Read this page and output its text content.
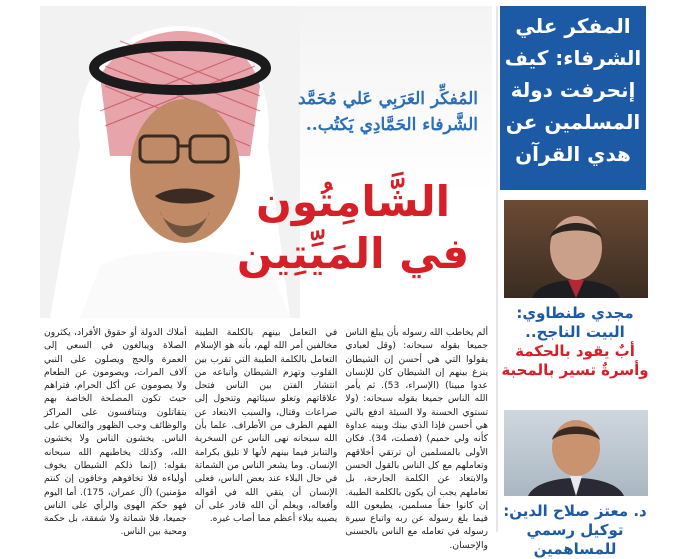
المُفكِّر العَرَبِي عَلي مُحَمَّد
الشَّرفاء الحَمَّادِي يَكتُب..
الشَّامِتُون
في المَيِّتِين
ألم يخاطب الله رسوله بأن يبلغ الناس جميعا بقوله سبحانه: (وقل لعبادي يقولوا التي هي أحسن إن الشيطان ينزغ بينهم إن الشيطان كان للإنسان عدوا مبينا) (الإسراء، 53). ثم يأمر الله الناس جميعا بقوله سبحانه: (ولا تستوي الحسنة ولا السيئة ادفع بالتي هي أحسن فإذا الذي بينك وبينه عداوة كأنه ولي حميم) (فصلت، 34). فكان الأولى بالمسلمين أن ترتقي أخلاقهم وتعاملهم مع كل الناس بالقول الحسن والابتعاد عن الكلمة الجارحة، بل تعاملهم يجب أن يكون بالكلمة الطيبة. إن كانوا حقاً مسلمين، يطيعون الله فيما بلغ رسوله عن ربه واتباع سيرة رسوله في تعامله مع الناس بالحسنى والإحسان.
في التعامل بينهم بالكلمة الطيبة مخالفين أمر الله لهم، بأنه هو الإسلام التعامل بالكلمة الطيبة التي تقرب بين القلوب وتهزم الشيطان وأتباعه من انتشار الفتن بين الناس فتحل علاقاتهم وتعلو سيئاتهم وتتحول إلى صراعات وقتال، والسبب الابتعاد عن الفهم الطرف من الأطراف. علما بأن الله سبحانه نهى الناس عن السخرية والتنابز فيما بينهم لأنها لا تليق بكرامة الإنسان. وما يشعر الناس من الشماتة في حال البلاء عند بعض الناس، فعلى الإنسان أن يتقي الله في أقواله وأفعاله، ويعلم أن الله قادر على أن يصيبه ببلاء أعظم مما أصاب غيره.
أملاك الدولة أو حقوق الأفراد، يكثرون الصلاة ويبالغون في السعي إلى العمرة والحج ويصلون على النبي آلاف المرات، ويصومون عن الطعام ولا يصومون عن أكل الحرام، فتراهم حيث تكون المصلحة الخاصة بهم يتقاتلون ويتنافسون على المراكز والوظائف وحب الظهور والتعالي على الناس. يخشون الناس ولا يخشون الله، وكذلك يخاطبهم الله سبحانه بقوله: (إنما ذلكم الشيطان يخوف أولياءه فلا تخافوهم وخافون إن كنتم مؤمنين) (آل عمران، 175). أما اليوم فهو حكم الهوى والرأي على الناس جميعا، فلا شماتة ولا شفقة، بل حكمة ومحبة بين الناس.
المفكر علي الشرفاء: كيف إنحرفت دولة المسلمين عن هدي القرآن
مجدي طنطاوي:
البيت الناجح..
أبٌ يقود بالحكمة
وأسرةٌ تسير بالمحبة
د. معتز صلاح الدين:
توكيل رسمي للمساهمين
